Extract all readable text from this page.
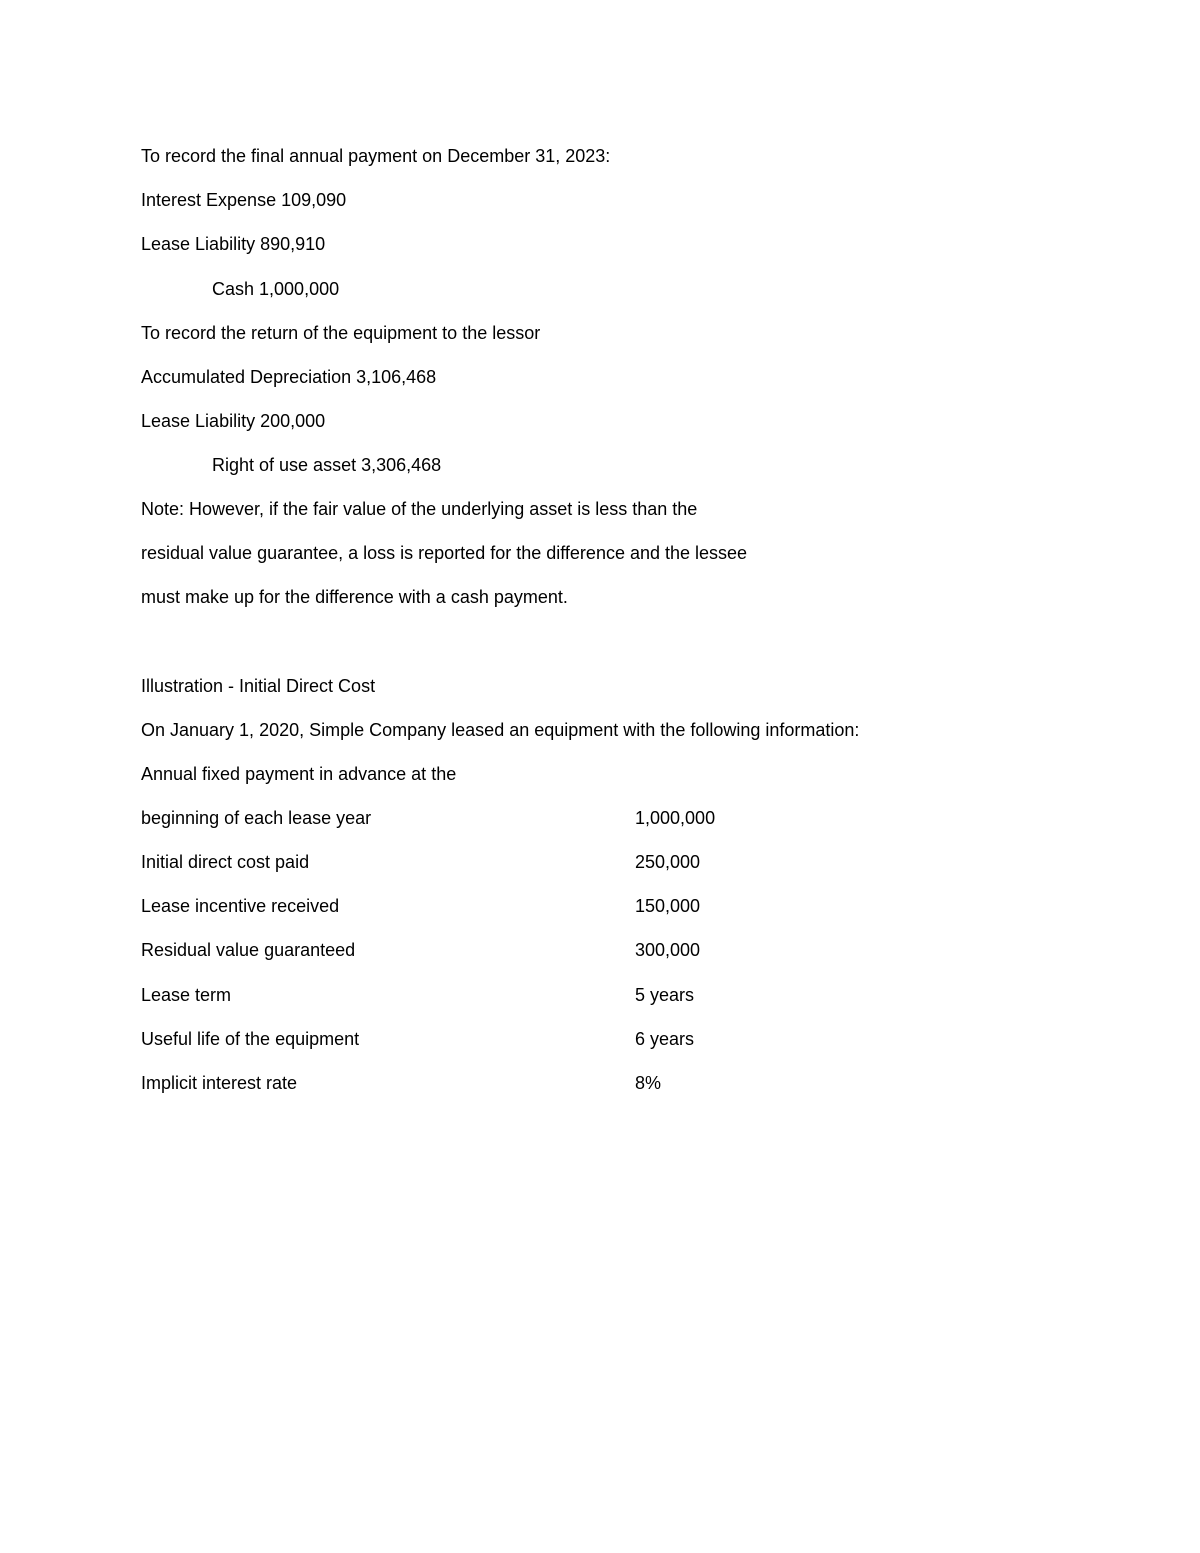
To record the final annual payment on December 31, 2023:
Interest Expense 109,090
Lease Liability 890,910
Cash 1,000,000
To record the return of the equipment to the lessor
Accumulated Depreciation 3,106,468
Lease Liability 200,000
Right of use asset 3,306,468
Note: However, if the fair value of the underlying asset is less than the
residual value guarantee, a loss is reported for the difference and the lessee
must make up for the difference with a cash payment.
Illustration - Initial Direct Cost
On January 1, 2020, Simple Company leased an equipment with the following information:
Annual fixed payment in advance at the
beginning of each lease year	1,000,000
Initial direct cost paid	250,000
Lease incentive received	150,000
Residual value guaranteed	300,000
Lease term	5 years
Useful life of the equipment	6 years
Implicit interest rate	8%
